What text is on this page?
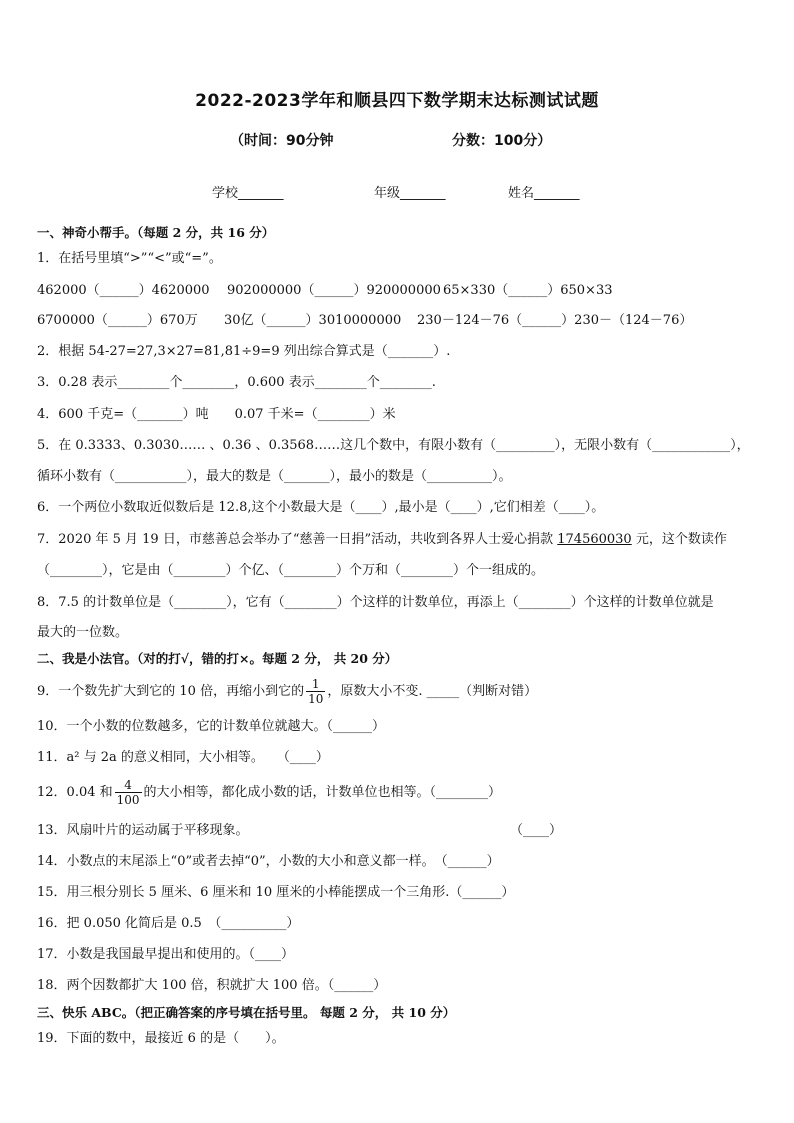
2022-2023学年和顺县四下数学期末达标测试试题
（时间：90分钟	分数：100分）
学校_______	年级_______	姓名_______
一、神奇小帮手。（每题 2 分，共 16 分）
1．在括号里填“>”“<”或“=”。
462000（______）4620000 902000000（______）920000000 65×330（______）650×33
6700000（______）670万 30亿（______）3010000000 230－124－76（______）230－（124－76）
2．根据 54-27=27,3×27=81,81÷9=9 列出综合算式是（_______）.
3．0.28 表示________个________，0.600 表示________个________.
4．600 千克=（_______）吨　　0.07 千米=（________）米
5．在 0.3333、0.3030…… 、0.36 、0.3568……这几个数中，有限小数有（_________），无限小数有（____________），
循环小数有（___________），最大的数是（_______），最小的数是（__________）。
6．一个两位小数取近似数后是 12.8,这个小数最大是（____）,最小是（____）,它们相差（____）。
7．2020 年 5 月 19 日，市慈善总会举办了“慈善一日捐”活动，共收到各界人士爱心捐款 174560030 元，这个数读作
（________），它是由（________）个亿、（________）个万和（________）个一组成的。
8．7.5 的计数单位是（________），它有（________）个这样的计数单位，再添上（________）个这样的计数单位就是
最大的一位数。
二、我是小法官。（对的打√，错的打×。每题 2 分， 共 20 分）
9．一个数先扩大到它的 10 倍，再缩小到它的 $\frac{1}{10}$ ，原数大小不变. _____（判断对错）
10．一个小数的位数越多，它的计数单位就越大。（______）
11．a² 与 2a 的意义相同，大小相等。　　（____）
12．0.04 和 $\frac{4}{100}$ 的大小相等，都化成小数的话，计数单位也相等。（________）
13．风扇叶片的运动属于平移现象。	（____）
14．小数点的末尾添上“0”或者去掉“0”，小数的大小和意义都一样。　（______）
15．用三根分别长 5 厘米、6 厘米和 10 厘米的小棒能摆成一个三角形.（______）
16．把 0.050 化简后是 0.5　（__________）
17．小数是我国最早提出和使用的。（____）
18．两个因数都扩大 100 倍，积就扩大 100 倍。（______）
三、快乐 ABC。（把正确答案的序号填在括号里。 每题 2 分， 共 10 分）
19．下面的数中，最接近 6 的是（　　）。
